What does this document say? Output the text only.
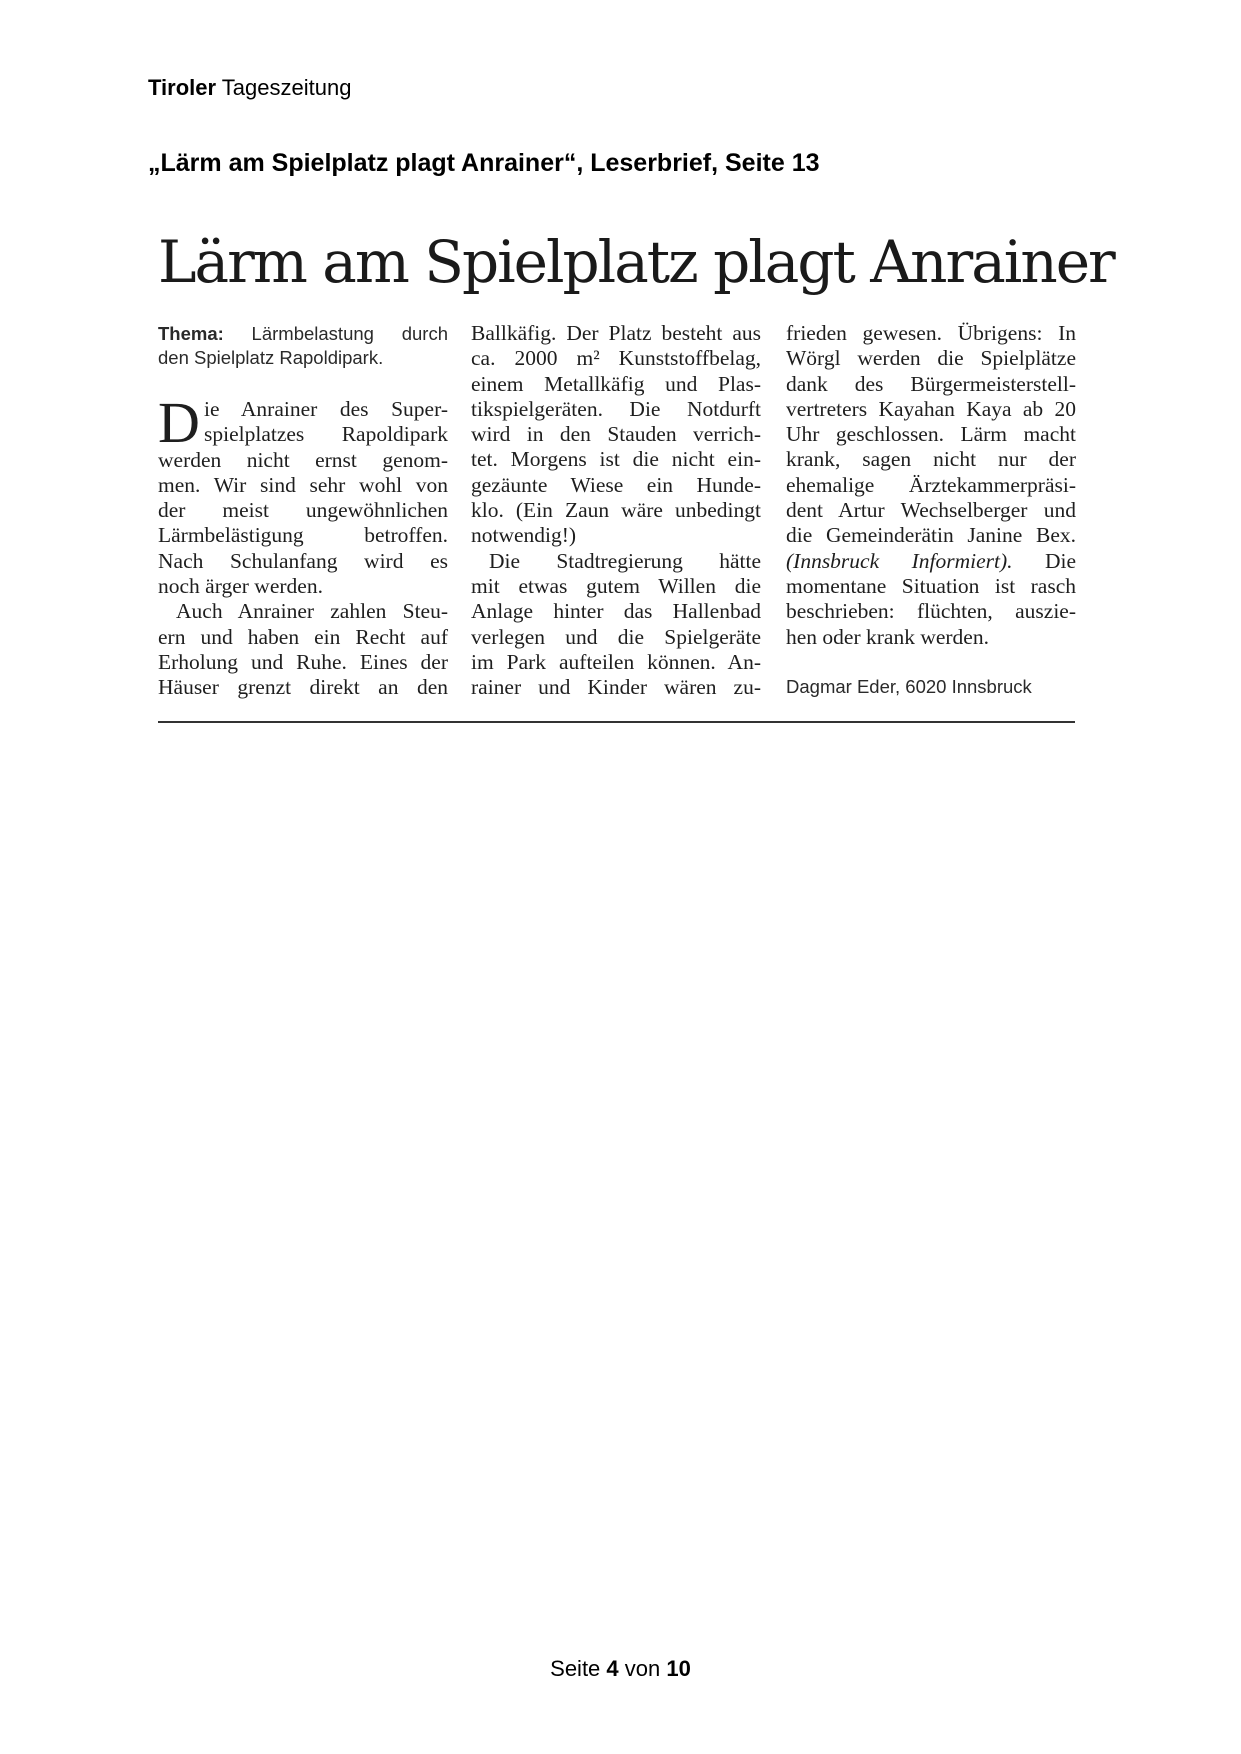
Tiroler Tageszeitung
„Lärm am Spielplatz plagt Anrainer“, Leserbrief, Seite 13
Lärm am Spielplatz plagt Anrainer
Thema: Lärmbelastung durch
den Spielplatz Rapoldipark.
D ie Anrainer des Super-
spielplatzes Rapoldipark
werden nicht ernst genom-
men. Wir sind sehr wohl von
der meist ungewöhnlichen
Lärmbelästigung betroffen.
Nach Schulanfang wird es
noch ärger werden.
Auch Anrainer zahlen Steu-
ern und haben ein Recht auf
Erholung und Ruhe. Eines der
Häuser grenzt direkt an den
Ballkäfig. Der Platz besteht aus
ca. 2000 m² Kunststoffbelag,
einem Metallkäfig und Plas-
tikspielgeräten. Die Notdurft
wird in den Stauden verrich-
tet. Morgens ist die nicht ein-
gezäunte Wiese ein Hunde-
klo. (Ein Zaun wäre unbedingt
notwendig!)
Die Stadtregierung hätte
mit etwas gutem Willen die
Anlage hinter das Hallenbad
verlegen und die Spielgeräte
im Park aufteilen können. An-
rainer und Kinder wären zu-
frieden gewesen. Übrigens: In
Wörgl werden die Spielplätze
dank des Bürgermeisterstell-
vertreters Kayahan Kaya ab 20
Uhr geschlossen. Lärm macht
krank, sagen nicht nur der
ehemalige Ärztekammerpräsi-
dent Artur Wechselberger und
die Gemeinderätin Janine Bex.
(Innsbruck Informiert). Die
momentane Situation ist rasch
beschrieben: flüchten, auszie-
hen oder krank werden.
Dagmar Eder, 6020 Innsbruck
Seite 4 von 10
